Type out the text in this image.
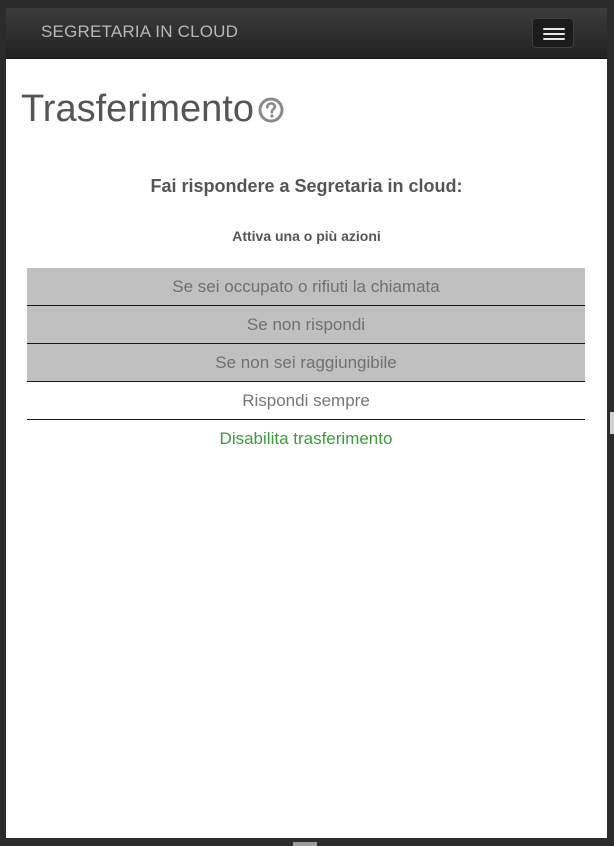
SEGRETARIA IN CLOUD
Trasferimento
Fai rispondere a Segretaria in cloud:
Attiva una o più azioni
Se sei occupato o rifiuti la chiamata
Se non rispondi
Se non sei raggiungibile
Rispondi sempre
Disabilita trasferimento
